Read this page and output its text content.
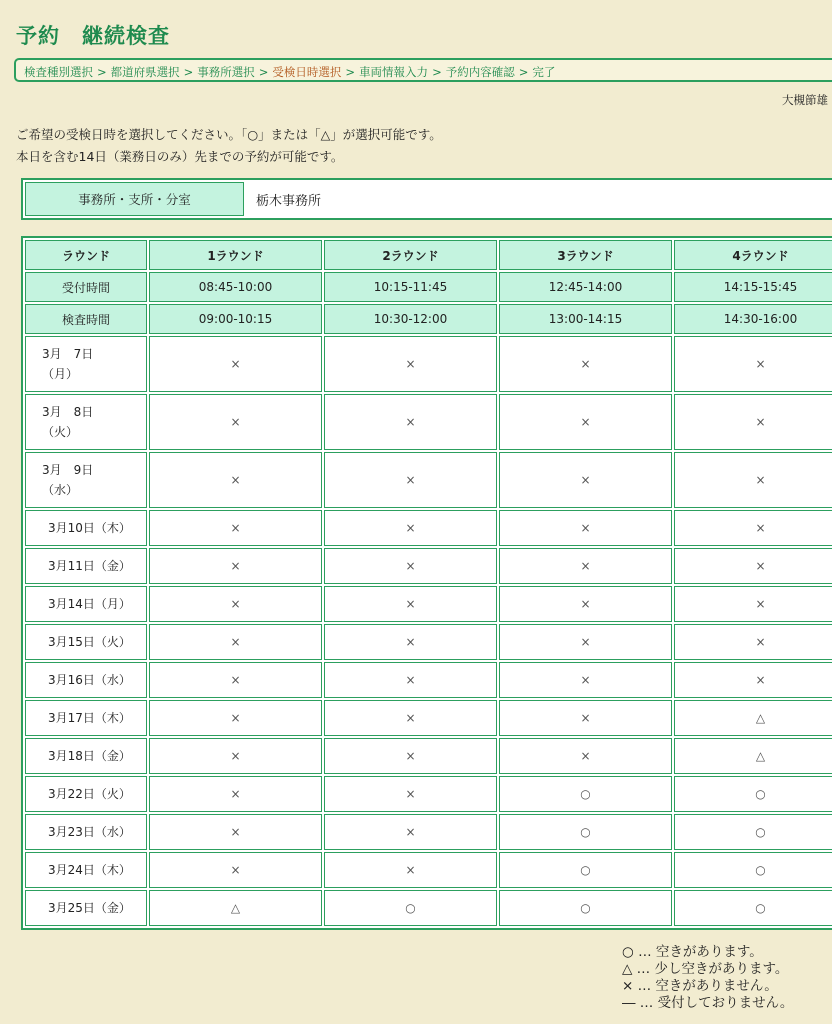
予約 継続検査
検査種別選択 > 都道府県選択 > 事務所選択 > 受検日時選択 > 車両情報入力 > 予約内容確認 > 完了
大槻節雄
ご希望の受検日時を選択してください。「○」または「△」が選択可能です。
本日を含む14日（業務日のみ）先までの予約が可能です。
事務所・支所・分室	栃木事務所
ラウンド	1ラウンド	2ラウンド	3ラウンド	4ラウンド
受付時間	08:45-10:00	10:15-11:45	12:45-14:00	14:15-15:45
検査時間	09:00-10:15	10:30-12:00	13:00-14:15	14:30-16:00
3月　7日
（月）	×	×	×	×
3月　8日
（火）	×	×	×	×
3月　9日
（水）	×	×	×	×
3月10日（木）	×	×	×	×
3月11日（金）	×	×	×	×
3月14日（月）	×	×	×	×
3月15日（火）	×	×	×	×
3月16日（水）	×	×	×	×
3月17日（木）	×	×	×	△
3月18日（金）	×	×	×	△
3月22日（火）	×	×	○	○
3月23日（水）	×	×	○	○
3月24日（木）	×	×	○	○
3月25日（金）	△	○	○	○
○ … 空きがあります。
△ … 少し空きがあります。
× … 空きがありません。
― … 受付しておりません。
